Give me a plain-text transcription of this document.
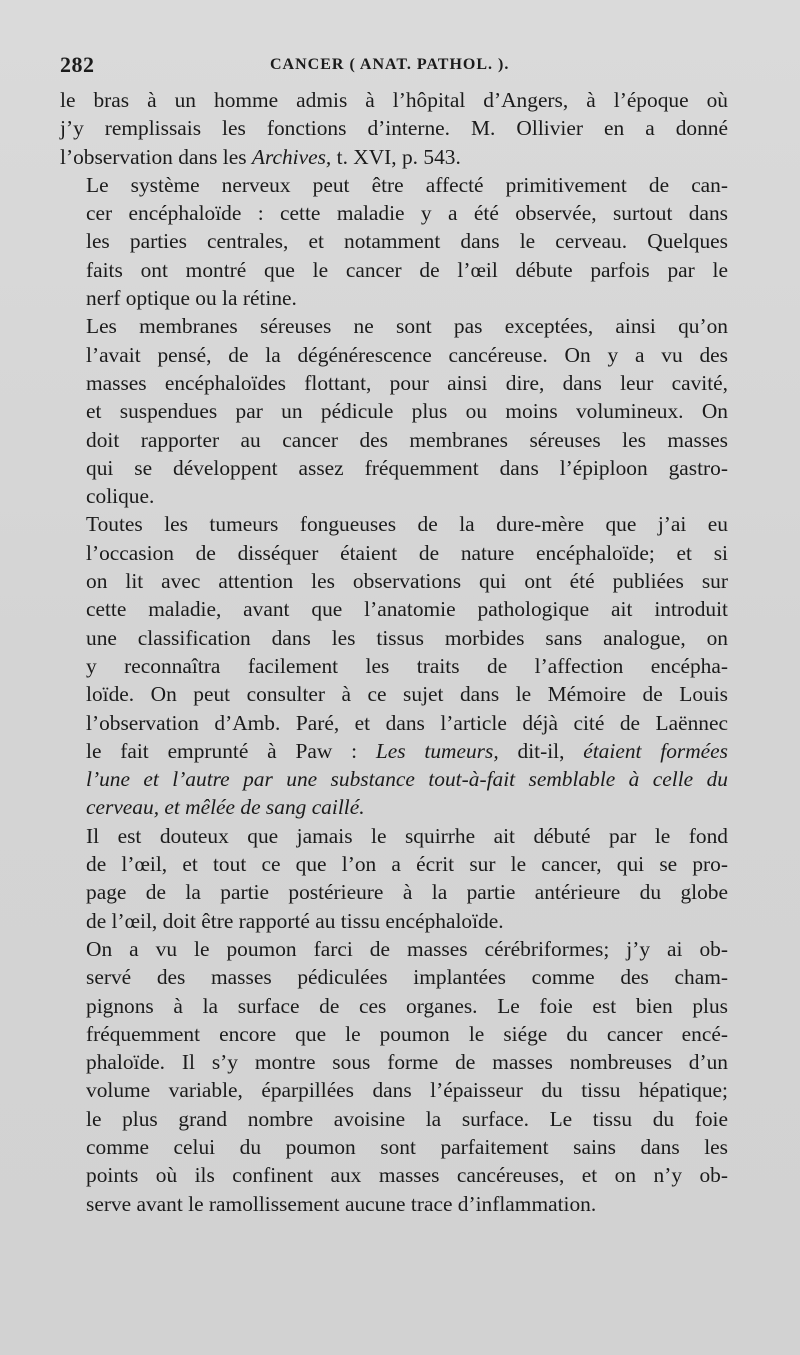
282	CANCER ( ANAT. PATHOL. ).

le bras à un homme admis à l’hôpital d’Angers, à l’époque où
j’y remplissais les fonctions d’interne. M. Ollivier en a donné
l’observation dans les Archives, t. XVI, p. 543.

Le système nerveux peut être affecté primitivement de can-
cer encéphaloïde : cette maladie y a été observée, surtout dans
les parties centrales, et notamment dans le cerveau. Quelques
faits ont montré que le cancer de l’œil débute parfois par le
nerf optique ou la rétine.

Les membranes séreuses ne sont pas exceptées, ainsi qu’on
l’avait pensé, de la dégénérescence cancéreuse. On y a vu des
masses encéphaloïdes flottant, pour ainsi dire, dans leur cavité,
et suspendues par un pédicule plus ou moins volumineux. On
doit rapporter au cancer des membranes séreuses les masses
qui se développent assez fréquemment dans l’épiploon gastro-
colique.

Toutes les tumeurs fongueuses de la dure-mère que j’ai eu
l’occasion de disséquer étaient de nature encéphaloïde; et si
on lit avec attention les observations qui ont été publiées sur
cette maladie, avant que l’anatomie pathologique ait introduit
une classification dans les tissus morbides sans analogue, on
y reconnaîtra facilement les traits de l’affection encépha-
loïde. On peut consulter à ce sujet dans le Mémoire de Louis
l’observation d’Amb. Paré, et dans l’article déjà cité de Laënnec
le fait emprunté à Paw : Les tumeurs, dit-il, étaient formées
l’une et l’autre par une substance tout-à-fait semblable à celle du
cerveau, et mêlée de sang caillé.

Il est douteux que jamais le squirrhe ait débuté par le fond
de l’œil, et tout ce que l’on a écrit sur le cancer, qui se pro-
page de la partie postérieure à la partie antérieure du globe
de l’œil, doit être rapporté au tissu encéphaloïde.

On a vu le poumon farci de masses cérébriformes; j’y ai ob-
servé des masses pédiculées implantées comme des cham-
pignons à la surface de ces organes. Le foie est bien plus
fréquemment encore que le poumon le siége du cancer encé-
phaloïde. Il s’y montre sous forme de masses nombreuses d’un
volume variable, éparpillées dans l’épaisseur du tissu hépatique;
le plus grand nombre avoisine la surface. Le tissu du foie
comme celui du poumon sont parfaitement sains dans les
points où ils confinent aux masses cancéreuses, et on n’y ob-
serve avant le ramollissement aucune trace d’inflammation.
